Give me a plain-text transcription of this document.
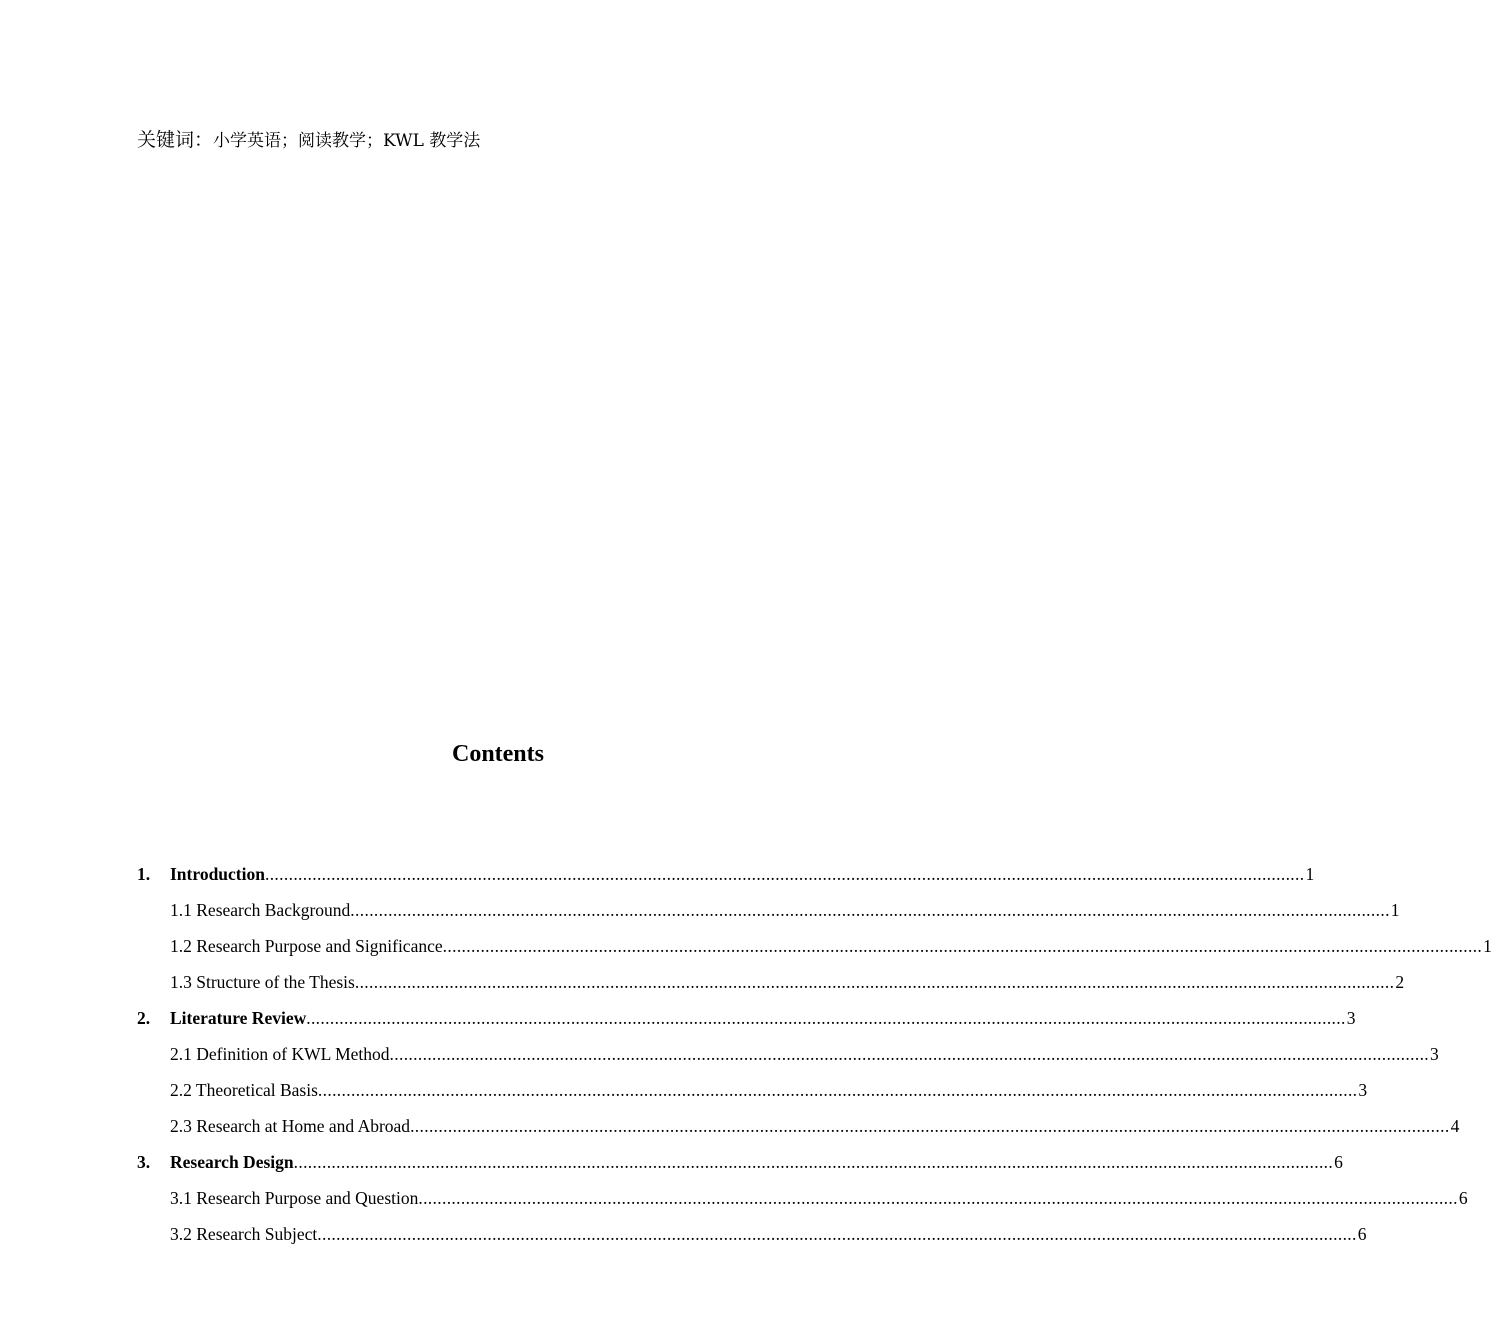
关键词：小学英语；阅读教学；KWL 教学法
Contents
1.	Introduction ............................................................................................................................................................................................................................ 1
1.1 Research Background ............................................................................................................................................................................................................................ 1
1.2 Research Purpose and Significance ............................................................................................................................................................................................................................ 1
1.3 Structure of the Thesis ............................................................................................................................................................................................................................ 2
2.	Literature Review ............................................................................................................................................................................................................................ 3
2.1 Definition of KWL Method ............................................................................................................................................................................................................................ 3
2.2 Theoretical Basis ............................................................................................................................................................................................................................ 3
2.3 Research at Home and Abroad ............................................................................................................................................................................................................................ 4
3.	Research Design ............................................................................................................................................................................................................................ 6
3.1 Research Purpose and Question ............................................................................................................................................................................................................................ 6
3.2 Research Subject ............................................................................................................................................................................................................................ 6
